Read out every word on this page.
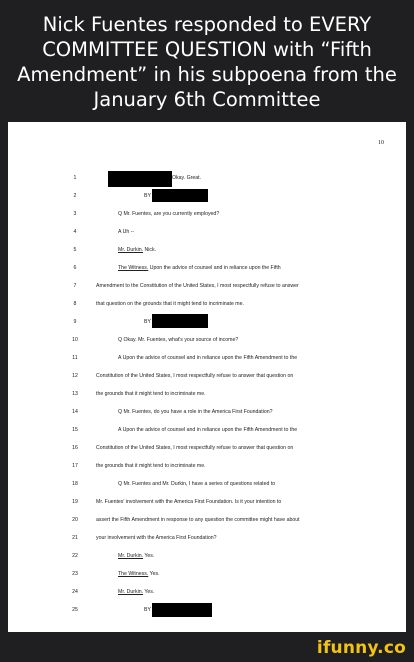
Nick Fuentes responded to EVERY
COMMITTEE QUESTION with “Fifth
Amendment” in his subpoena from the
January 6th Committee

10
1	Okay. Great.
2	BY
3	Q Mr. Fuentes, are you currently employed?
4	A Uh --
5	Mr. Durkin. Nick.
6	The Witness. Upon the advice of counsel and in reliance upon the Fifth
7	Amendment to the Constitution of the United States, I most respectfully refuse to answer
8	that question on the grounds that it might tend to incriminate me.
9	BY
10	Q Okay. Mr. Fuentes, what's your source of income?
11	A Upon the advice of counsel and in reliance upon the Fifth Amendment to the
12	Constitution of the United States, I most respectfully refuse to answer that question on
13	the grounds that it might tend to incriminate me.
14	Q Mr. Fuentes, do you have a role in the America First Foundation?
15	A Upon the advice of counsel and in reliance upon the Fifth Amendment to the
16	Constitution of the United States, I most respectfully refuse to answer that question on
17	the grounds that it might tend to incriminate me.
18	Q Mr. Fuentes and Mr. Durkin, I have a series of questions related to
19	Mr. Fuentes' involvement with the America First Foundation. Is it your intention to
20	assert the Fifth Amendment in response to any question the committee might have about
21	your involvement with the America First Foundation?
22	Mr. Durkin. Yes.
23	The Witness. Yes.
24	Mr. Durkin. Yes.
25	BY
ifunny.co
